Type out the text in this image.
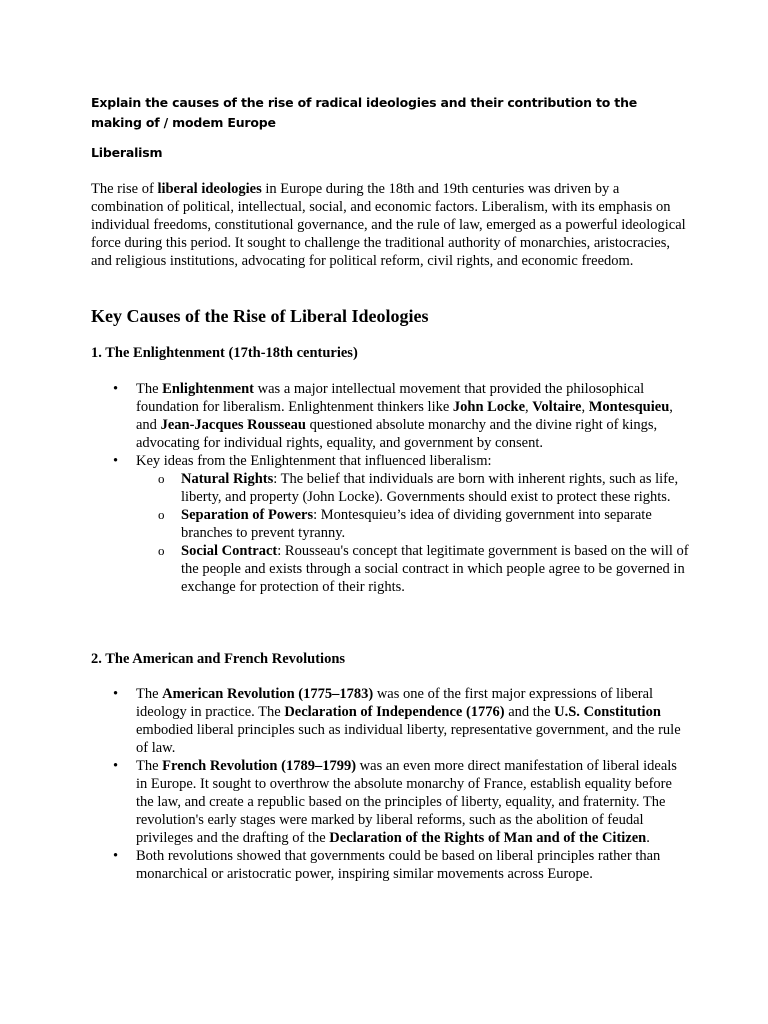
Explain the causes of the rise of radical ideologies and their contribution to the making of / modem Europe

Liberalism

The rise of liberal ideologies in Europe during the 18th and 19th centuries was driven by a combination of political, intellectual, social, and economic factors. Liberalism, with its emphasis on individual freedoms, constitutional governance, and the rule of law, emerged as a powerful ideological force during this period. It sought to challenge the traditional authority of monarchies, aristocracies, and religious institutions, advocating for political reform, civil rights, and economic freedom.

Key Causes of the Rise of Liberal Ideologies

1. The Enlightenment (17th-18th centuries)

• The Enlightenment was a major intellectual movement that provided the philosophical foundation for liberalism. Enlightenment thinkers like John Locke, Voltaire, Montesquieu, and Jean-Jacques Rousseau questioned absolute monarchy and the divine right of kings, advocating for individual rights, equality, and government by consent.
• Key ideas from the Enlightenment that influenced liberalism:
o Natural Rights: The belief that individuals are born with inherent rights, such as life, liberty, and property (John Locke). Governments should exist to protect these rights.
o Separation of Powers: Montesquieu’s idea of dividing government into separate branches to prevent tyranny.
o Social Contract: Rousseau's concept that legitimate government is based on the will of the people and exists through a social contract in which people agree to be governed in exchange for protection of their rights.

2. The American and French Revolutions

• The American Revolution (1775–1783) was one of the first major expressions of liberal ideology in practice. The Declaration of Independence (1776) and the U.S. Constitution embodied liberal principles such as individual liberty, representative government, and the rule of law.
• The French Revolution (1789–1799) was an even more direct manifestation of liberal ideals in Europe. It sought to overthrow the absolute monarchy of France, establish equality before the law, and create a republic based on the principles of liberty, equality, and fraternity. The revolution's early stages were marked by liberal reforms, such as the abolition of feudal privileges and the drafting of the Declaration of the Rights of Man and of the Citizen.
• Both revolutions showed that governments could be based on liberal principles rather than monarchical or aristocratic power, inspiring similar movements across Europe.
